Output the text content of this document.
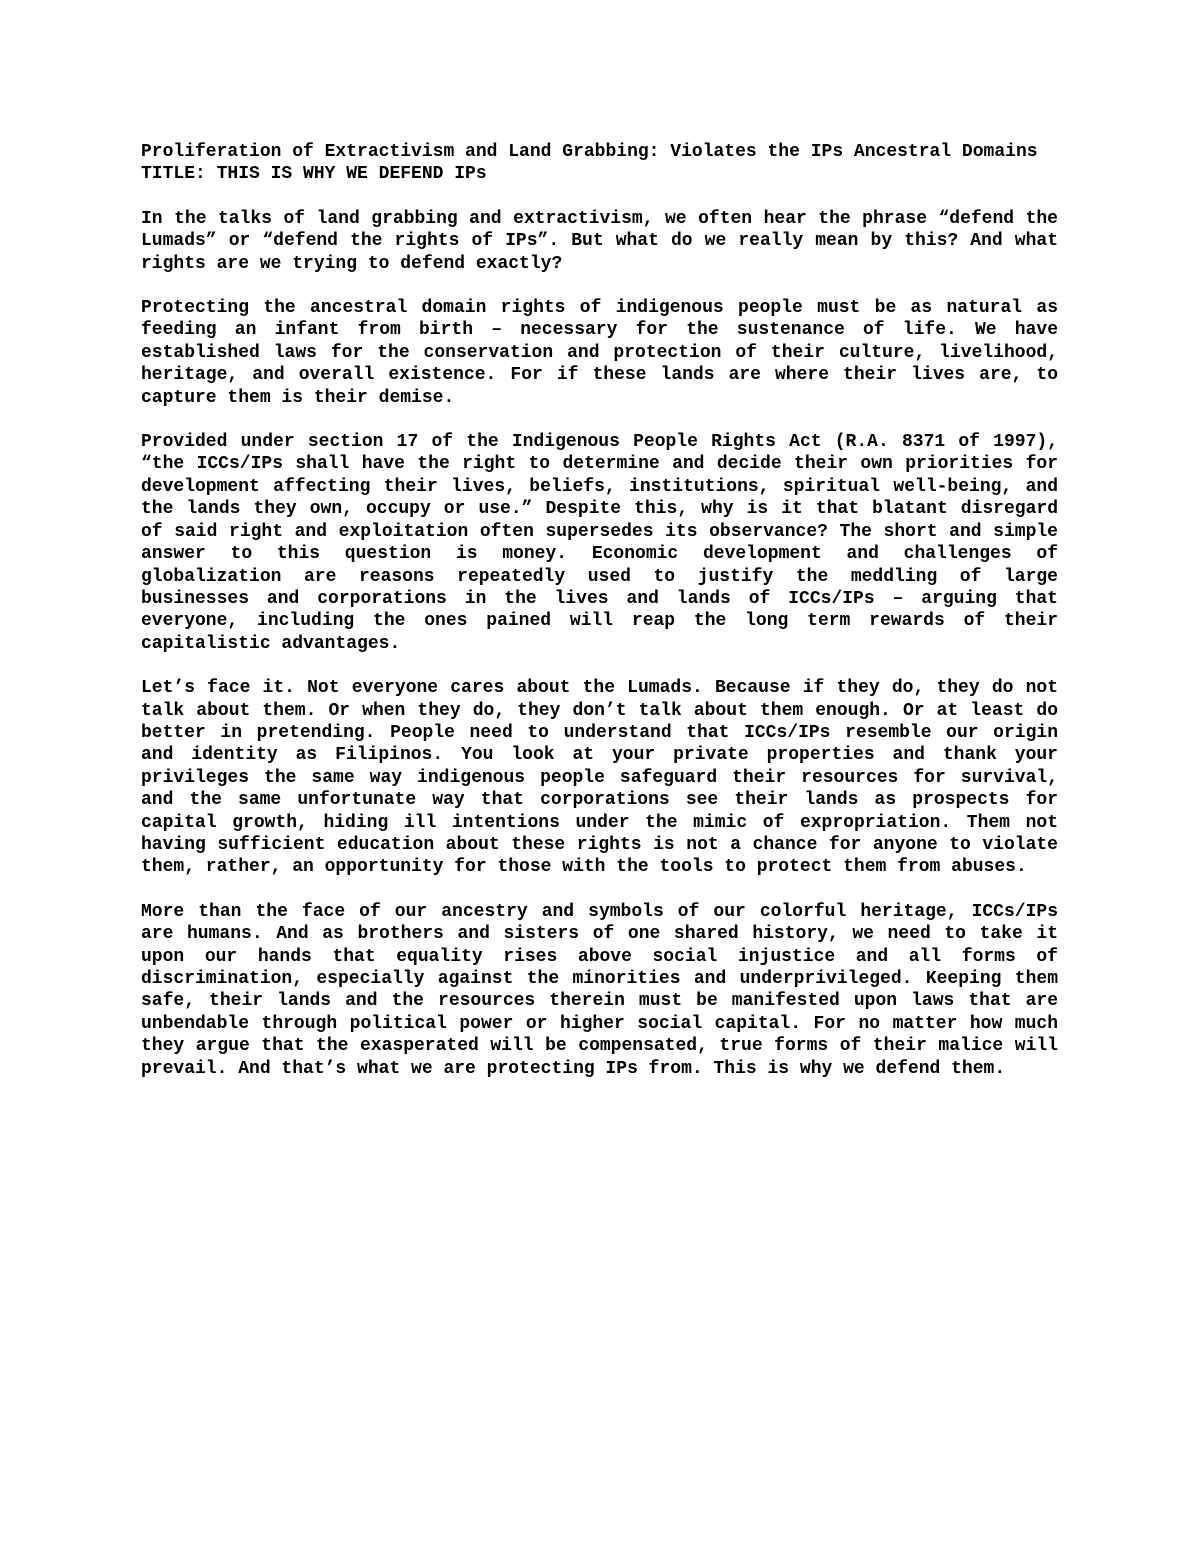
Proliferation of Extractivism and Land Grabbing: Violates the IPs Ancestral Domains
TITLE: THIS IS WHY WE DEFEND IPs

In the talks of land grabbing and extractivism, we often hear the phrase “defend the Lumads” or “defend the rights of IPs”. But what do we really mean by this? And what rights are we trying to defend exactly?

Protecting the ancestral domain rights of indigenous people must be as natural as feeding an infant from birth – necessary for the sustenance of life. We have established laws for the conservation and protection of their culture, livelihood, heritage, and overall existence. For if these lands are where their lives are, to capture them is their demise.

Provided under section 17 of the Indigenous People Rights Act (R.A. 8371 of 1997), “the ICCs/IPs shall have the right to determine and decide their own priorities for development affecting their lives, beliefs, institutions, spiritual well-being, and the lands they own, occupy or use.” Despite this, why is it that blatant disregard of said right and exploitation often supersedes its observance? The short and simple answer to this question is money. Economic development and challenges of globalization are reasons repeatedly used to justify the meddling of large businesses and corporations in the lives and lands of ICCs/IPs – arguing that everyone, including the ones pained will reap the long term rewards of their capitalistic advantages.

Let’s face it. Not everyone cares about the Lumads. Because if they do, they do not talk about them. Or when they do, they don’t talk about them enough. Or at least do better in pretending. People need to understand that ICCs/IPs resemble our origin and identity as Filipinos. You look at your private properties and thank your privileges the same way indigenous people safeguard their resources for survival, and the same unfortunate way that corporations see their lands as prospects for capital growth, hiding ill intentions under the mimic of expropriation. Them not having sufficient education about these rights is not a chance for anyone to violate them, rather, an opportunity for those with the tools to protect them from abuses.

More than the face of our ancestry and symbols of our colorful heritage, ICCs/IPs are humans. And as brothers and sisters of one shared history, we need to take it upon our hands that equality rises above social injustice and all forms of discrimination, especially against the minorities and underprivileged. Keeping them safe, their lands and the resources therein must be manifested upon laws that are unbendable through political power or higher social capital. For no matter how much they argue that the exasperated will be compensated, true forms of their malice will prevail. And that’s what we are protecting IPs from. This is why we defend them.
